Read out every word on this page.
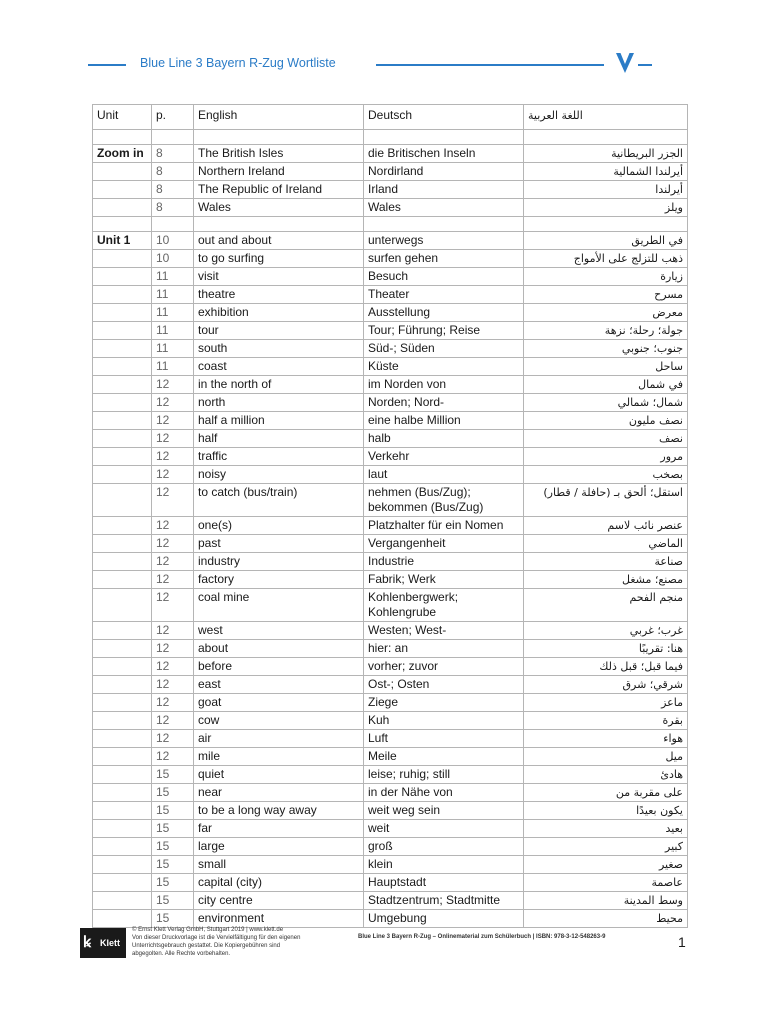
Blue Line 3 Bayern R-Zug Wortliste
Unit	p.	English	Deutsch	اللغة العربية

Zoom in	8	The British Isles	die Britischen Inseln	الجزر البريطانية
	8	Northern Ireland	Nordirland	أيرلندا الشمالية
	8	The Republic of Ireland	Irland	أيرلندا
	8	Wales	Wales	ويلز

Unit 1	10	out and about	unterwegs	في الطريق
	10	to go surfing	surfen gehen	ذهب للتزلج على الأمواج
	11	visit	Besuch	زيارة
	11	theatre	Theater	مسرح
	11	exhibition	Ausstellung	معرض
	11	tour	Tour; Führung; Reise	جولة؛ رحلة؛ نزهة
	11	south	Süd-; Süden	جنوب؛ جنوبي
	11	coast	Küste	ساحل
	12	in the north of	im Norden von	في شمال
	12	north	Norden; Nord-	شمال؛ شمالي
	12	half a million	eine halbe Million	نصف مليون
	12	half	halb	نصف
	12	traffic	Verkehr	مرور
	12	noisy	laut	بصخب
	12	to catch (bus/train)	nehmen (Bus/Zug); bekommen (Bus/Zug)	استقل؛ ألحق بـ (حافلة / قطار)
	12	one(s)	Platzhalter für ein Nomen	عنصر نائب لاسم
	12	past	Vergangenheit	الماضي
	12	industry	Industrie	صناعة
	12	factory	Fabrik; Werk	مصنع؛ مشغل
	12	coal mine	Kohlenbergwerk; Kohlengrube	منجم الفحم
	12	west	Westen; West-	غرب؛ غربي
	12	about	hier: an	هنا: تقريبًا
	12	before	vorher; zuvor	فيما قبل؛ قبل ذلك
	12	east	Ost-; Osten	شرقي؛ شرق
	12	goat	Ziege	ماعز
	12	cow	Kuh	بقرة
	12	air	Luft	هواء
	12	mile	Meile	ميل
	15	quiet	leise; ruhig; still	هادئ
	15	near	in der Nähe von	على مقربة من
	15	to be a long way away	weit weg sein	يكون بعيدًا
	15	far	weit	بعيد
	15	large	groß	كبير
	15	small	klein	صغير
	15	capital (city)	Hauptstadt	عاصمة
	15	city centre	Stadtzentrum; Stadtmitte	وسط المدينة
	15	environment	Umgebung	محيط
ꝃ Klett
© Ernst Klett Verlag GmbH, Stuttgart 2019 | www.klett.de
Von dieser Druckvorlage ist die Vervielfältigung für den eigenen
Unterrichtsgebrauch gestattet. Die Kopiergebühren sind
abgegolten. Alle Rechte vorbehalten.
Blue Line 3 Bayern R-Zug – Onlinematerial zum Schülerbuch | ISBN: 978-3-12-548263-9	1
